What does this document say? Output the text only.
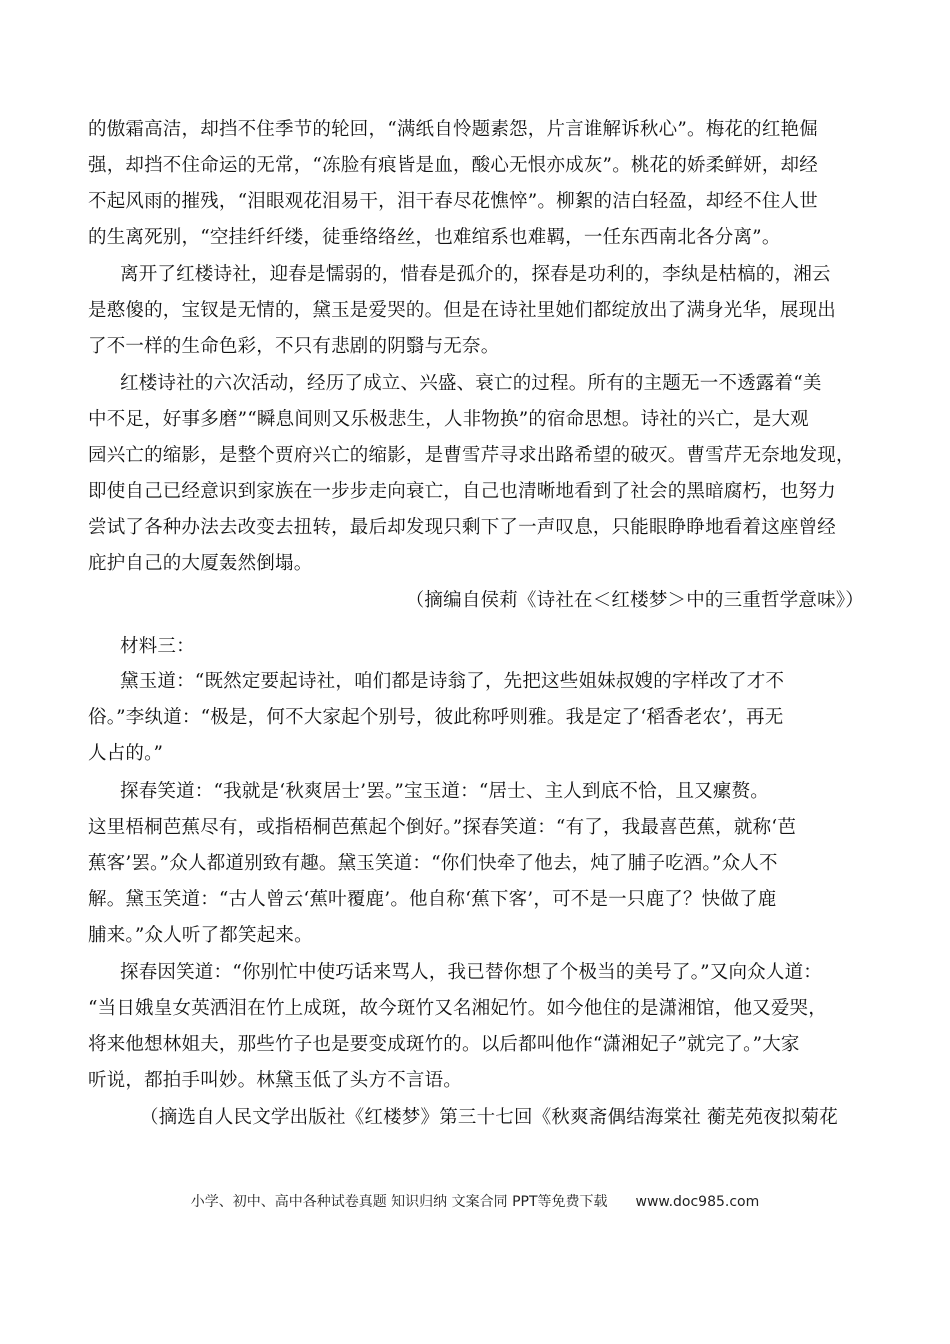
的傲霜高洁，却挡不住季节的轮回，“满纸自怜题素怨，片言谁解诉秋心”。梅花的红艳倔
强，却挡不住命运的无常，“冻脸有痕皆是血，酸心无恨亦成灰”。桃花的娇柔鲜妍，却经
不起风雨的摧残，“泪眼观花泪易干，泪干春尽花憔悴”。柳絮的洁白轻盈，却经不住人世
的生离死别，“空挂纤纤缕，徒垂络络丝，也难绾系也难羁，一任东西南北各分离”。
离开了红楼诗社，迎春是懦弱的，惜春是孤介的，探春是功利的，李纨是枯槁的，湘云
是憨傻的，宝钗是无情的，黛玉是爱哭的。但是在诗社里她们都绽放出了满身光华，展现出
了不一样的生命色彩，不只有悲剧的阴翳与无奈。
红楼诗社的六次活动，经历了成立、兴盛、衰亡的过程。所有的主题无一不透露着“美
中不足，好事多磨”“瞬息间则又乐极悲生，人非物换”的宿命思想。诗社的兴亡，是大观
园兴亡的缩影，是整个贾府兴亡的缩影，是曹雪芹寻求出路希望的破灭。曹雪芹无奈地发现，
即使自己已经意识到家族在一步步走向衰亡，自己也清晰地看到了社会的黑暗腐朽，也努力
尝试了各种办法去改变去扭转，最后却发现只剩下了一声叹息，只能眼睁睁地看着这座曾经
庇护自己的大厦轰然倒塌。
（摘编自侯莉《诗社在＜红楼梦＞中的三重哲学意味》）
材料三：
黛玉道：“既然定要起诗社，咱们都是诗翁了，先把这些姐妹叔嫂的字样改了才不
俗。”李纨道：“极是，何不大家起个别号，彼此称呼则雅。我是定了‘稻香老农’，再无
人占的。”
探春笑道：“我就是‘秋爽居士’罢。”宝玉道：“居士、主人到底不恰，且又瘰赘。
这里梧桐芭蕉尽有，或指梧桐芭蕉起个倒好。”探春笑道：“有了，我最喜芭蕉，就称‘芭
蕉客’罢。”众人都道别致有趣。黛玉笑道：“你们快牵了他去，炖了脯子吃酒。”众人不
解。黛玉笑道：“古人曾云‘蕉叶覆鹿’。他自称‘蕉下客’，可不是一只鹿了？快做了鹿
脯来。”众人听了都笑起来。
探春因笑道：“你别忙中使巧话来骂人，我已替你想了个极当的美号了。”又向众人道：
“当日娥皇女英洒泪在竹上成斑，故今斑竹又名湘妃竹。如今他住的是潇湘馆，他又爱哭，
将来他想林姐夫，那些竹子也是要变成斑竹的。以后都叫他作“潇湘妃子”就完了。”大家
听说，都拍手叫妙。林黛玉低了头方不言语。
（摘选自人民文学出版社《红楼梦》第三十七回《秋爽斋偶结海棠社 蘅芜苑夜拟菊花
小学、初中、高中各种试卷真题 知识归纳 文案合同 PPT等免费下载 www.doc985.com
